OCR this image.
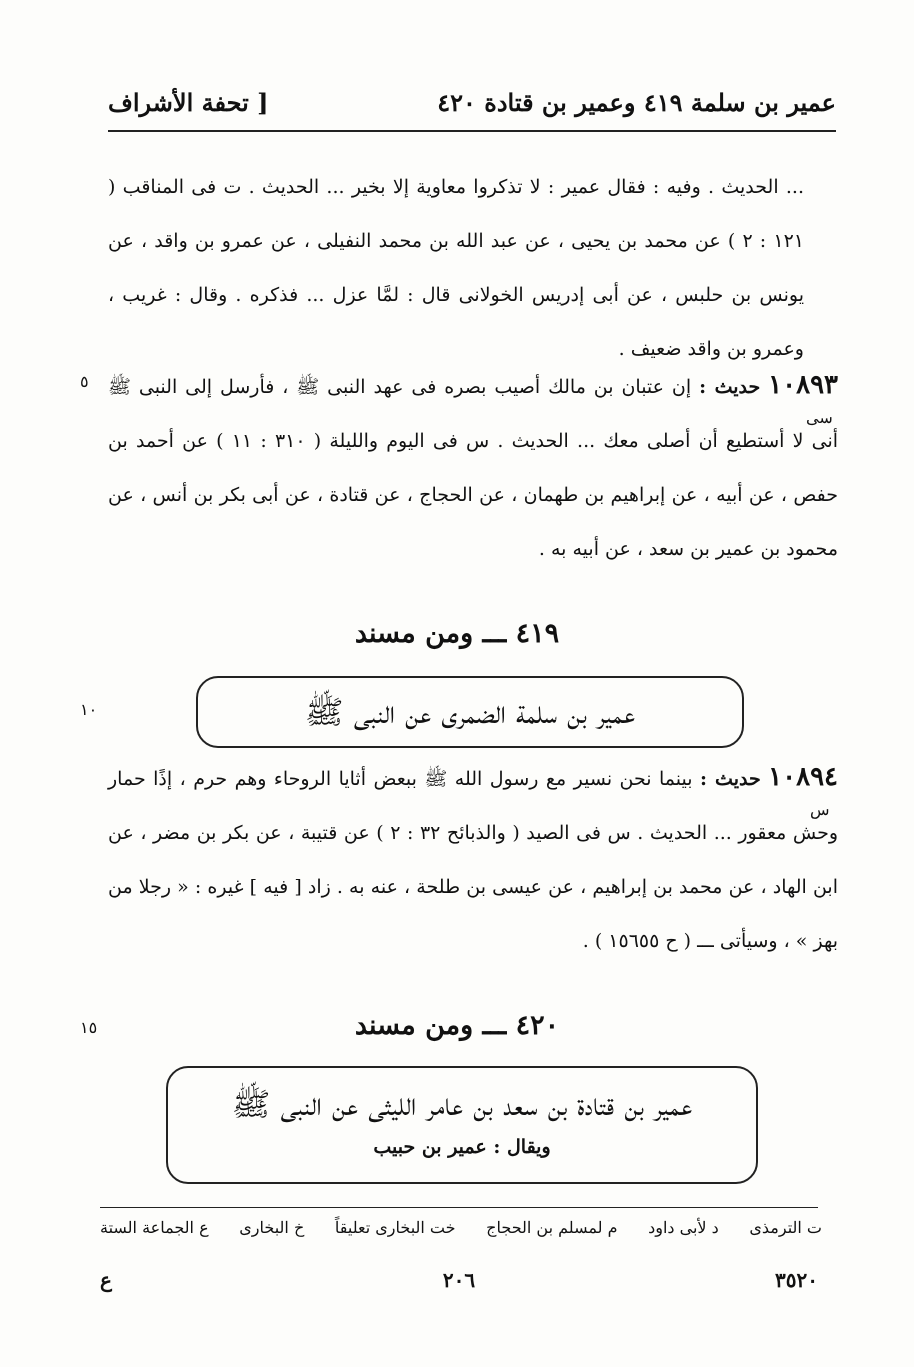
عمير بن سلمة ٤١٩ وعمير بن قتادة ٤٢٠
[ تحفة الأشراف
... الحديث . وفيه : فقال عمير : لا تذكروا معاوية إلا بخير ... الحديث . ت فى المناقب ( ١٢١ : ٢ ) عن محمد بن يحيى ، عن عبد الله بن محمد النفيلى ، عن عمرو بن واقد ، عن يونس بن حلبس ، عن أبى إدريس الخولانى قال : لمَّا عزل ... فذكره . وقال : غريب ، وعمرو بن واقد ضعيف .
٥
سى
١٠٨٩٣ حديث : إن عتبان بن مالك أصيب بصره فى عهد النبى ﷺ ، فأرسل إلى النبى ﷺ أنى لا أستطيع أن أصلى معك ... الحديث . س فى اليوم والليلة ( ٣١٠ : ١١ ) عن أحمد بن حفص ، عن أبيه ، عن إبراهيم بن طهمان ، عن الحجاج ، عن قتادة ، عن أبى بكر بن أنس ، عن محمود بن عمير بن سعد ، عن أبيه به .
٤١٩ ـــ ومن مسند
عمير بن سلمة الضمرى عن النبى ﷺ
١٠
س
١٠٨٩٤ حديث : بينما نحن نسير مع رسول الله ﷺ ببعض أثايا الروحاء وهم حرم ، إذًا حمار وحش معقور ... الحديث . س فى الصيد ( والذبائح ٣٢ : ٢ ) عن قتيبة ، عن بكر بن مضر ، عن ابن الهاد ، عن محمد بن إبراهيم ، عن عيسى بن طلحة ، عنه به . زاد [ فيه ] غيره : « رجلا من بهز » ، وسيأتى ـــ ( ح ١٥٦٥٥ ) .
١٥	٤٢٠ ـــ ومن مسند
عمير بن قتادة بن سعد بن عامر الليثى عن النبى ﷺ
ويقال : عمير بن حبيب
ع الجماعة الستة خ البخارى خت البخارى تعليقاً م لمسلم بن الحجاج د لأبى داود ت الترمذى
ع	٢٠٦	٣٥٢٠
